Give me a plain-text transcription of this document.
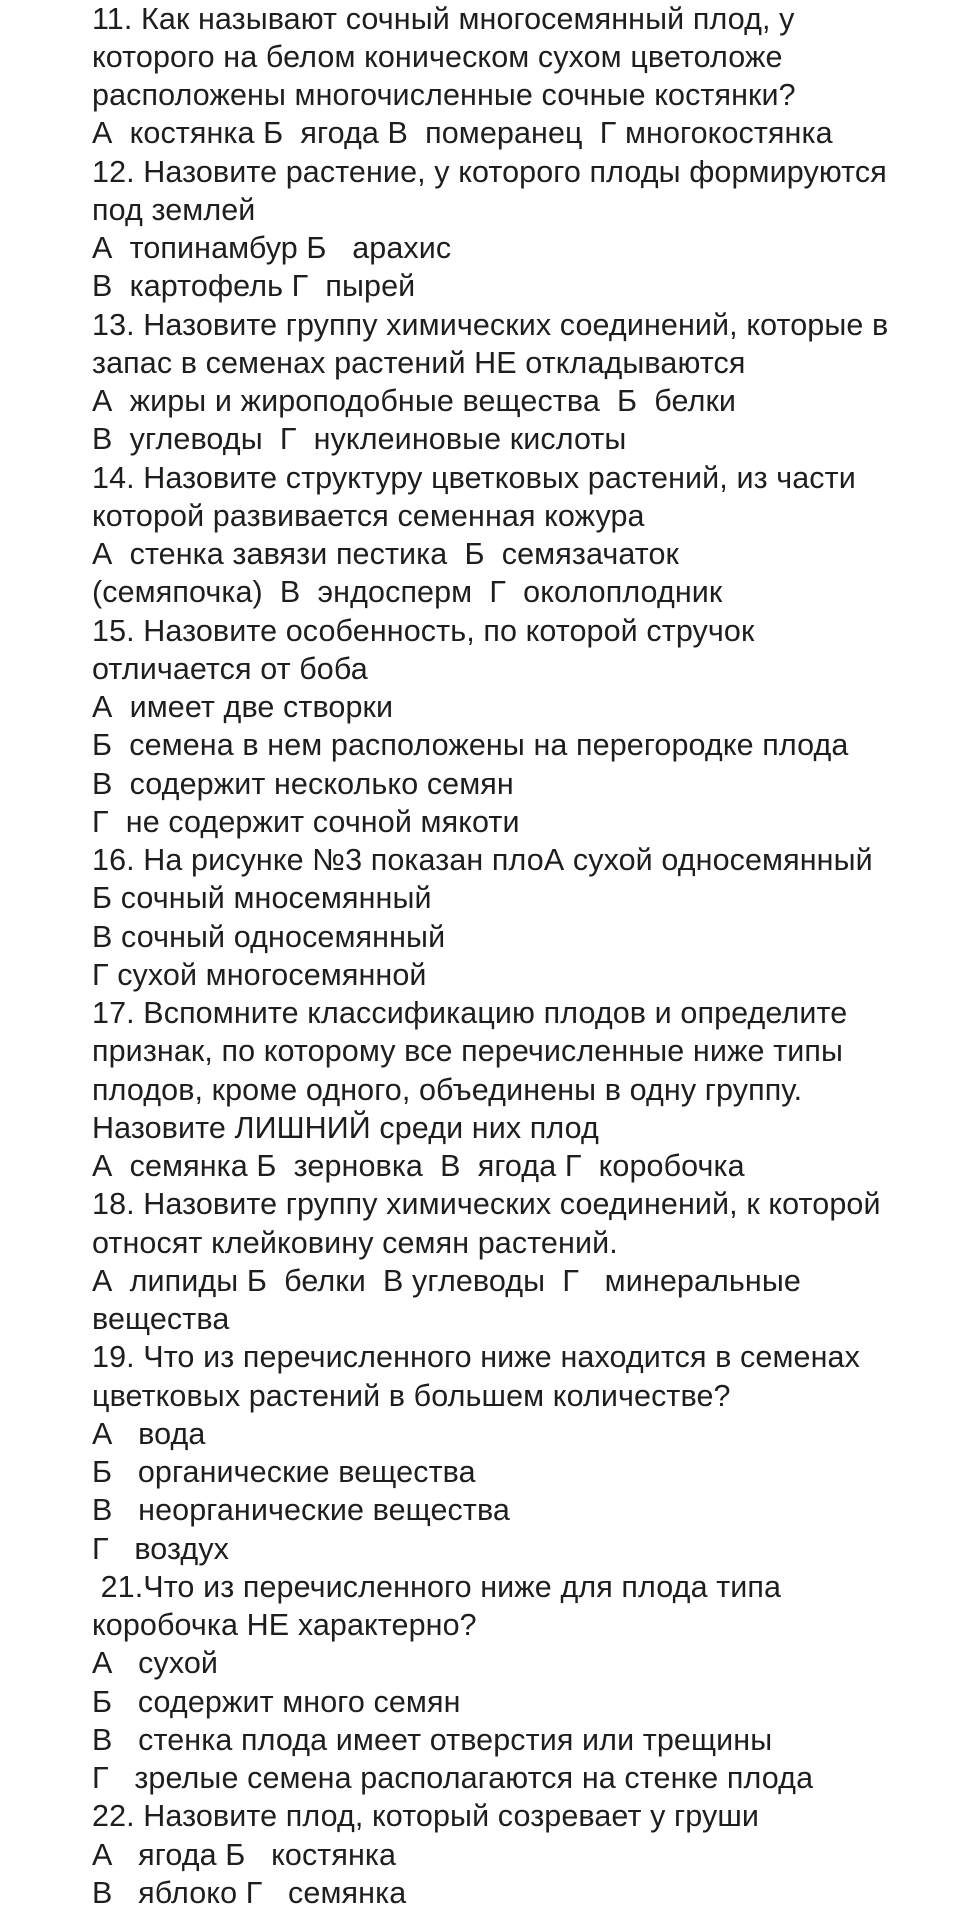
11. Как называют сочный многосемянный плод, у
которого на белом коническом сухом цветоложе
расположены многочисленные сочные костянки?
А  костянка Б  ягода В  померанец  Г многокостянка
12. Назовите растение, у которого плоды формируются
под землей
А  топинамбур Б   арахис
В  картофель Г  пырей
13. Назовите группу химических соединений, которые в
запас в семенах растений НЕ откладываются
А  жиры и жироподобные вещества  Б  белки
В  углеводы  Г  нуклеиновые кислоты
14. Назовите структуру цветковых растений, из части
которой развивается семенная кожура
А  стенка завязи пестика  Б  семязачаток
(семяпочка)  В  эндосперм  Г  околоплодник
15. Назовите особенность, по которой стручок
отличается от боба
А  имеет две створки
Б  семена в нем расположены на перегородке плода
В  содержит несколько семян
Г  не содержит сочной мякоти
16. На рисунке №3 показан плоА сухой односемянный
Б сочный мносемянный
В сочный односемянный
Г сухой многосемянной
17. Вспомните классификацию плодов и определите
признак, по которому все перечисленные ниже типы
плодов, кроме одного, объединены в одну группу.
Назовите ЛИШНИЙ среди них плод
А  семянка Б  зерновка  В  ягода Г  коробочка
18. Назовите группу химических соединений, к которой
относят клейковину семян растений.
А  липиды Б  белки  В углеводы  Г   минеральные
вещества
19. Что из перечисленного ниже находится в семенах
цветковых растений в большем количестве?
А   вода
Б   органические вещества
В   неорганические вещества
Г   воздух
21.Что из перечисленного ниже для плода типа
коробочка НЕ характерно?
А   сухой
Б   содержит много семян
В   стенка плода имеет отверстия или трещины
Г   зрелые семена располагаются на стенке плода
22. Назовите плод, который созревает у груши
А   ягода Б   костянка
В   яблоко Г   семянка
